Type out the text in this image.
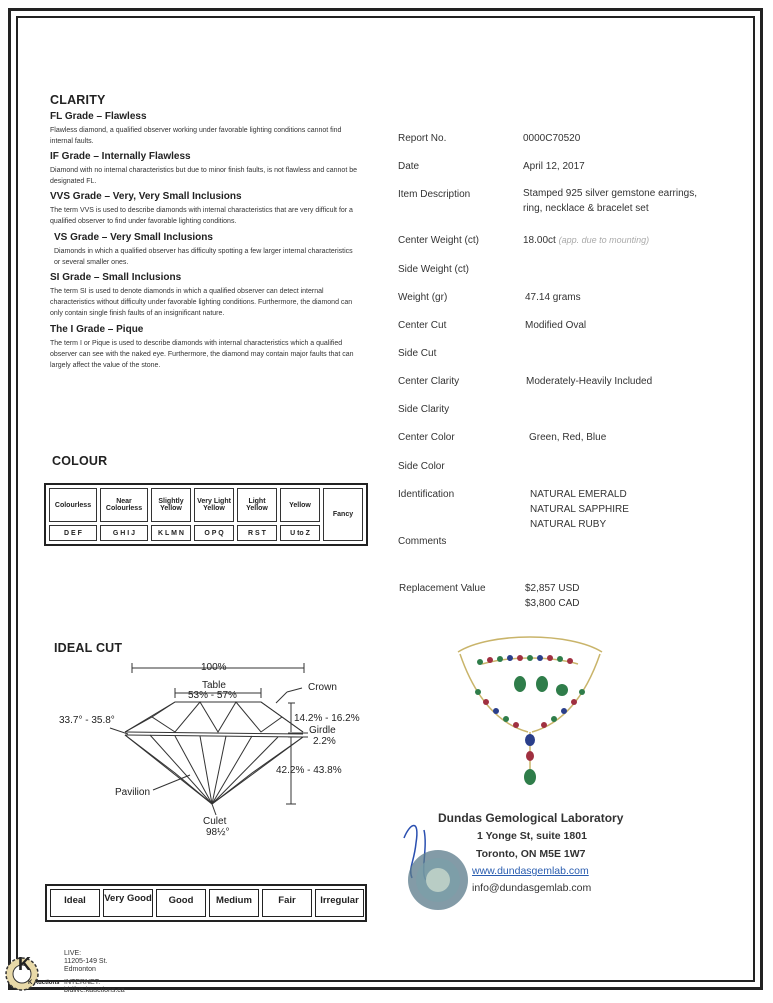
CLARITY
FL Grade – Flawless
Flawless diamond, a qualified observer working under favorable lighting conditions cannot find internal faults.
IF Grade – Internally Flawless
Diamond with no internal characteristics but due to minor finish faults, is not flawless and cannot be designated FL.
VVS Grade – Very, Very Small Inclusions
The term VVS is used to describe diamonds with internal characteristics that are very difficult for a qualified observer to find under favorable lighting conditions.
VS Grade – Very Small Inclusions
Diamonds in which a qualified observer has difficulty spotting a few larger internal characteristics or several smaller ones.
SI Grade – Small Inclusions
The term SI is used to denote diamonds in which a qualified observer can detect internal characteristics without difficulty under favorable lighting conditions. Furthermore, the diamond can only contain single finish faults of an insignificant nature.
The I Grade – Pique
The term I or Pique is used to describe diamonds with internal characteristics which a qualified observer can see with the naked eye. Furthermore, the diamond may contain major faults that can largely affect the value of the stone.
COLOUR
Colourless	Near Colourless	Slightly Yellow	Very Light Yellow	Light Yellow	Yellow	Fancy
D E F	G H I J	K L M N	O P Q	R S T	U to Z	
IDEAL CUT
100%
Table
53% - 57%
Crown
33.7° - 35.8°	14.2% - 16.2%
Girdle
2.2%
42.2% - 43.8%
Pavilion
Culet
98½°
Ideal	Very Good	Good	Medium	Fair	Irregular
Report No.	0000C70520
Date	April 12, 2017
Item Description	Stamped 925 silver gemstone earrings, ring, necklace & bracelet set
Center Weight (ct)	18.00ct (app. due to mounting)
Side Weight (ct)
Weight (gr)	47.14 grams
Center Cut	Modified Oval
Side Cut
Center Clarity	Moderately-Heavily Included
Side Clarity
Center Color	Green, Red, Blue
Side Color
Identification	NATURAL EMERALD
NATURAL SAPPHIRE
NATURAL RUBY
Comments
Replacement Value	$2,857 USD
$3,800 CAD
Dundas Gemological Laboratory
1 Yonge St, suite 1801
Toronto, ON M5E 1W7
www.dundasgemlab.com
info@dundasgemlab.com
K
K Auctions
LIVE:
11205-149 St.
Edmonton
INTERNET:
bidlive.kauctions.ca
